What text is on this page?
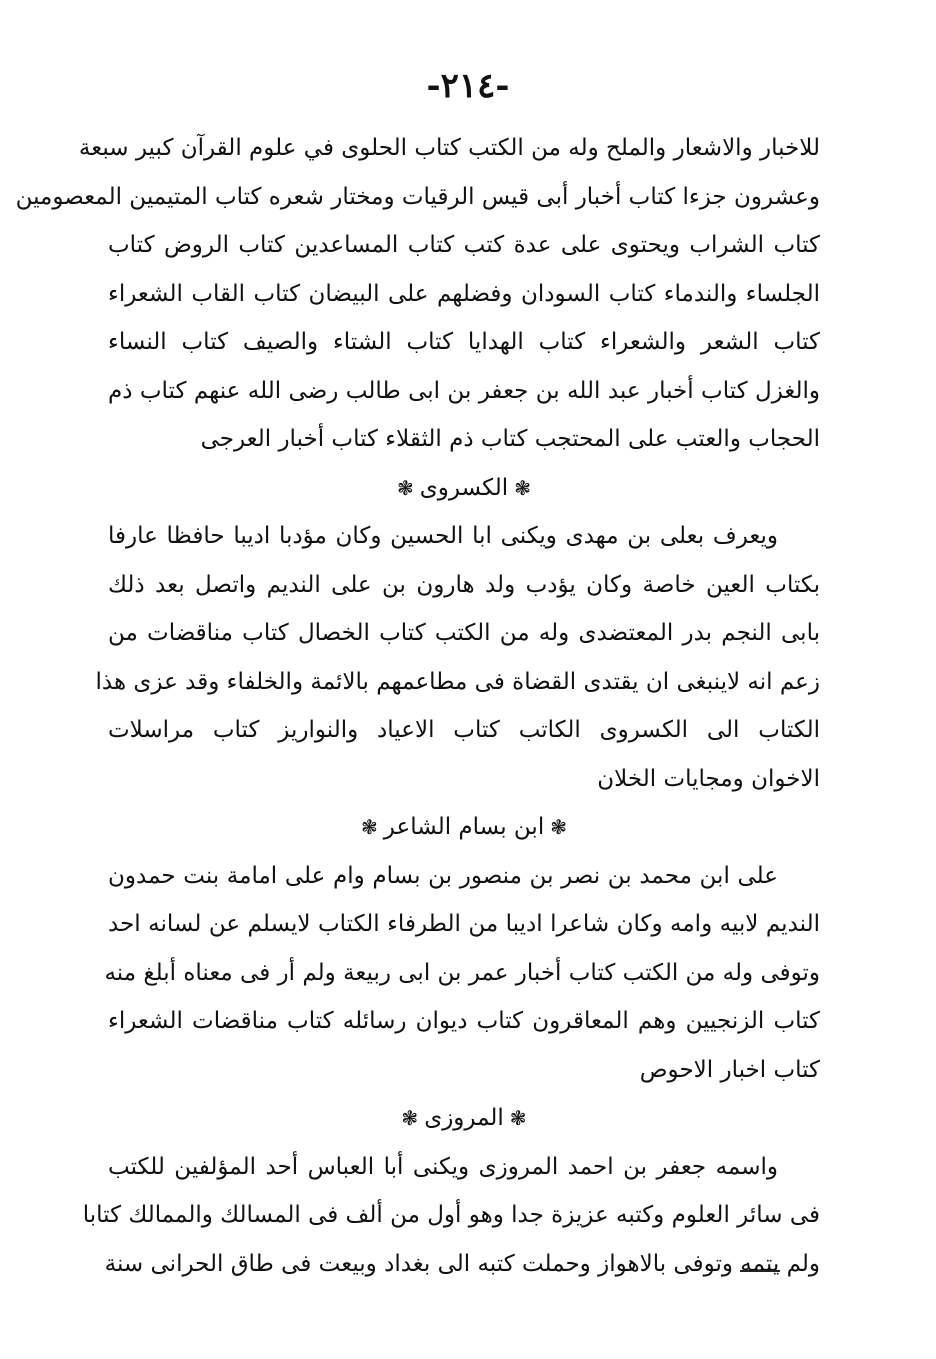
-٢١٤-
للاخبار والاشعار والملح وله من الكتب كتاب الحلوى في علوم القرآن كبير سبعة
وعشرون جزءا كتاب أخبار أبى قيس الرقيات ومختار شعره كتاب المتيمين المعصومين
كتاب الشراب ويحتوى على عدة كتب كتاب المساعدين كتاب الروض كتاب
الجلساء والندماء كتاب السودان وفضلهم على البيضان كتاب القاب الشعراء
كتاب الشعر والشعراء كتاب الهدايا كتاب الشتاء والصيف كتاب النساء
والغزل كتاب أخبار عبد الله بن جعفر بن ابى طالب رضى الله عنهم كتاب ذم
الحجاب والعتب على المحتجب كتاب ذم الثقلاء كتاب أخبار العرجى
❃الكسروى❃
ويعرف بعلى بن مهدى ويكنى ابا الحسين وكان مؤدبا اديبا حافظا عارفا
بكتاب العين خاصة وكان يؤدب ولد هارون بن على النديم واتصل بعد ذلك
بابى النجم بدر المعتضدى وله من الكتب كتاب الخصال كتاب مناقضات من
زعم انه لاينبغى ان يقتدى القضاة فى مطاعمهم بالائمة والخلفاء وقد عزى هذا
الكتاب الى الكسروى الكاتب كتاب الاعياد والنواريز كتاب مراسلات
الاخوان ومجايات الخلان
❃ابن بسام الشاعر❃
على ابن محمد بن نصر بن منصور بن بسام وام على امامة بنت حمدون
النديم لابيه وامه وكان شاعرا اديبا من الطرفاء الكتاب لايسلم عن لسانه احد
وتوفى وله من الكتب كتاب أخبار عمر بن ابى ربيعة ولم أر فى معناه أبلغ منه
كتاب الزنجيين وهم المعاقرون كتاب ديوان رسائله كتاب مناقضات الشعراء
كتاب اخبار الاحوص
❃المروزى❃
واسمه جعفر بن احمد المروزى ويكنى أبا العباس أحد المؤلفين للكتب
فى سائر العلوم وكتبه عزيزة جدا وهو أول من ألف فى المسالك والممالك كتابا
ولم يتمه وتوفى بالاهواز وحملت كتبه الى بغداد وبيعت فى طاق الحرانى سنة
